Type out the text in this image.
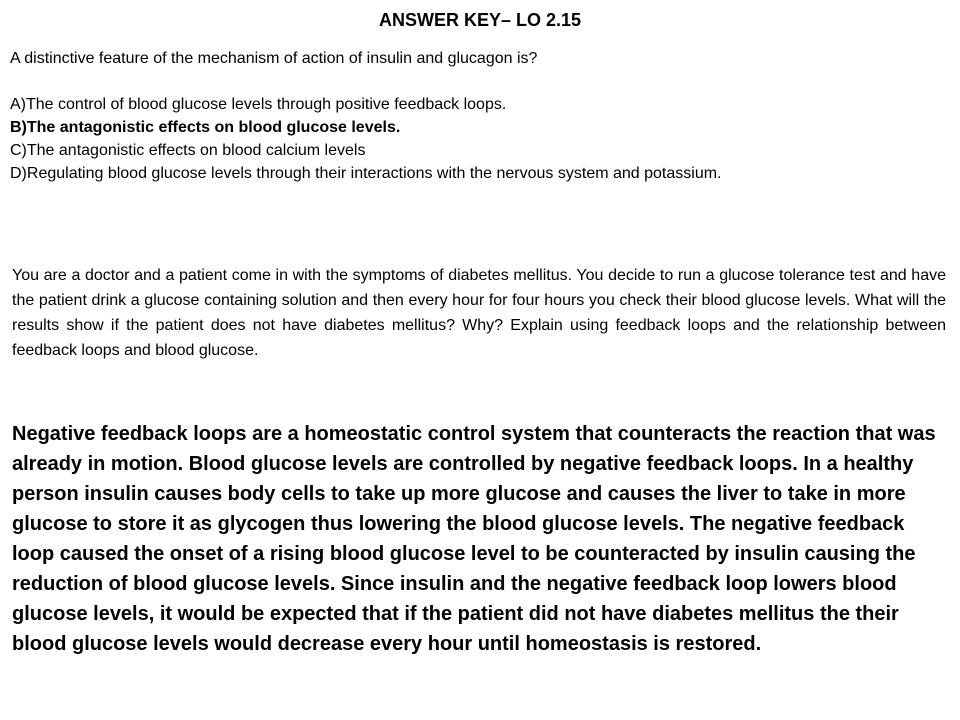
ANSWER KEY– LO 2.15

A distinctive feature of the mechanism of action of insulin and glucagon is?

A)The control of blood glucose levels through positive feedback loops.

B)The antagonistic effects on blood glucose levels.

C)The antagonistic effects on blood calcium levels

D)Regulating blood glucose levels through their interactions with the nervous system and potassium.

You are a doctor and a patient come in with the symptoms of diabetes mellitus. You decide to run a glucose tolerance test and have the patient drink a glucose containing solution and then every hour for four hours you check their blood glucose levels. What will the results show if the patient does not have diabetes mellitus? Why? Explain using feedback loops and the relationship between feedback loops and blood glucose.

Negative feedback loops are a homeostatic control system that counteracts the reaction that was already in motion. Blood glucose levels are controlled by negative feedback loops. In a healthy person insulin causes body cells to take up more glucose and causes the liver to take in more glucose to store it as glycogen thus lowering the blood glucose levels. The negative feedback loop caused the onset of a rising blood glucose level to be counteracted by insulin causing the reduction of blood glucose levels. Since insulin and the negative feedback loop lowers blood glucose levels, it would be expected that if the patient did not have diabetes mellitus the their blood glucose levels would decrease every hour until homeostasis is restored.
